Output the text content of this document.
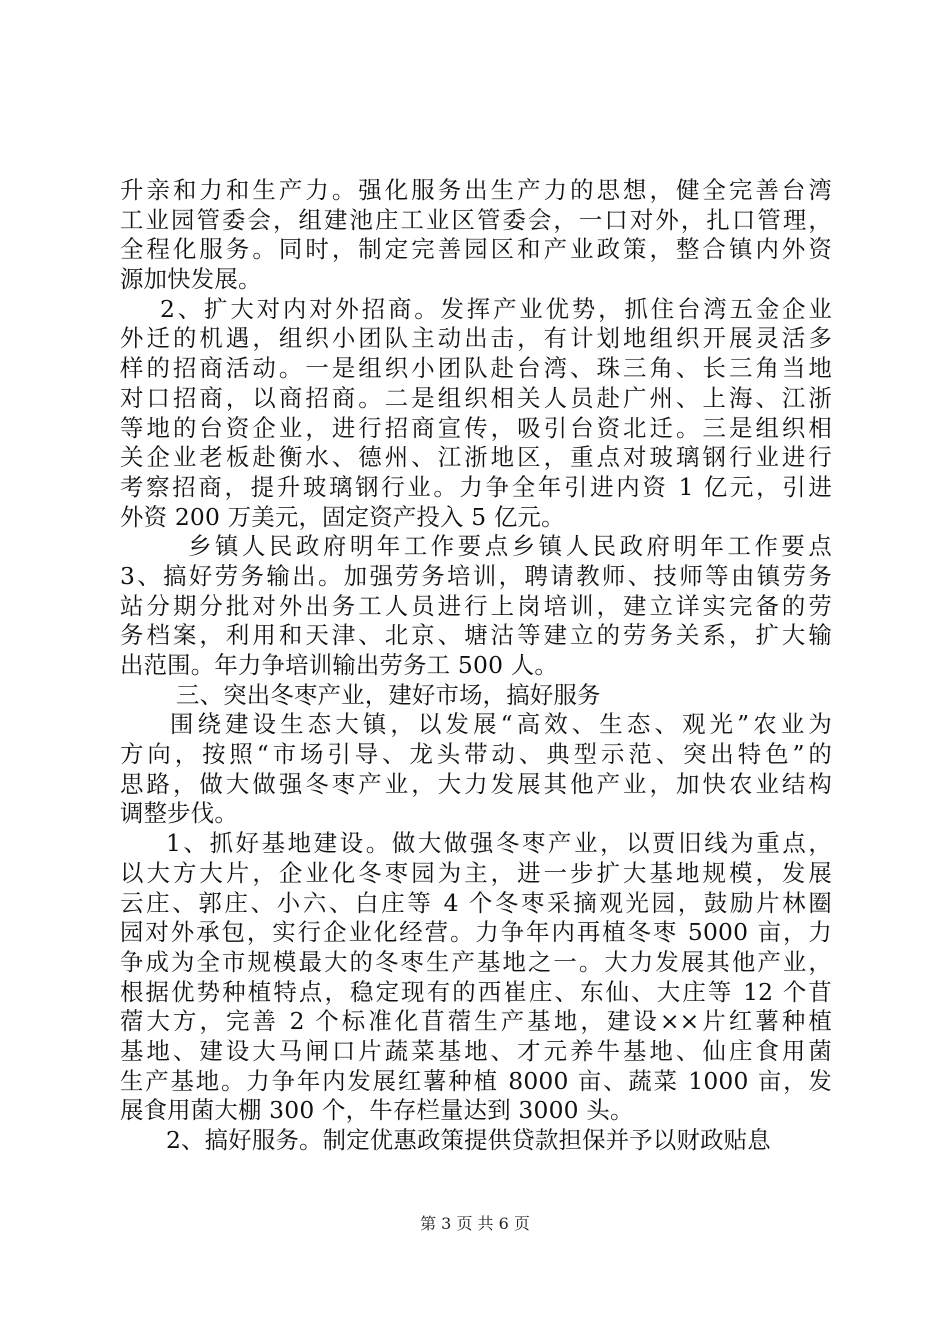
升亲和力和生产力。强化服务出生产力的思想，健全完善台湾
工业园管委会，组建池庄工业区管委会，一口对外，扎口管理，
全程化服务。同时，制定完善园区和产业政策，整合镇内外资
源加快发展。
2、扩大对内对外招商。发挥产业优势，抓住台湾五金企业
外迁的机遇，组织小团队主动出击，有计划地组织开展灵活多
样的招商活动。一是组织小团队赴台湾、珠三角、长三角当地
对口招商，以商招商。二是组织相关人员赴广州、上海、江浙
等地的台资企业，进行招商宣传，吸引台资北迁。三是组织相
关企业老板赴衡水、德州、江浙地区，重点对玻璃钢行业进行
考察招商，提升玻璃钢行业。力争全年引进内资 1 亿元，引进
外资 200 万美元，固定资产投入 5 亿元。
乡镇人民政府明年工作要点乡镇人民政府明年工作要点
3、搞好劳务输出。加强劳务培训，聘请教师、技师等由镇劳务
站分期分批对外出务工人员进行上岗培训，建立详实完备的劳
务档案，利用和天津、北京、塘沽等建立的劳务关系，扩大输
出范围。年力争培训输出劳务工 500 人。
三、突出冬枣产业，建好市场，搞好服务
围绕建设生态大镇，以发展“高效、生态、观光”农业为
方向，按照“市场引导、龙头带动、典型示范、突出特色”的
思路，做大做强冬枣产业，大力发展其他产业，加快农业结构
调整步伐。
1、抓好基地建设。做大做强冬枣产业，以贾旧线为重点，
以大方大片，企业化冬枣园为主，进一步扩大基地规模，发展
云庄、郭庄、小六、白庄等 4 个冬枣采摘观光园，鼓励片林圈
园对外承包，实行企业化经营。力争年内再植冬枣 5000 亩，力
争成为全市规模最大的冬枣生产基地之一。大力发展其他产业，
根据优势种植特点，稳定现有的西崔庄、东仙、大庄等 12 个苜
蓿大方，完善 2 个标准化苜蓿生产基地，建设××片红薯种植
基地、建设大马闸口片蔬菜基地、才元养牛基地、仙庄食用菌
生产基地。力争年内发展红薯种植 8000 亩、蔬菜 1000 亩，发
展食用菌大棚 300 个，牛存栏量达到 3000 头。
2、搞好服务。制定优惠政策提供贷款担保并予以财政贴息
第 3 页 共 6 页
